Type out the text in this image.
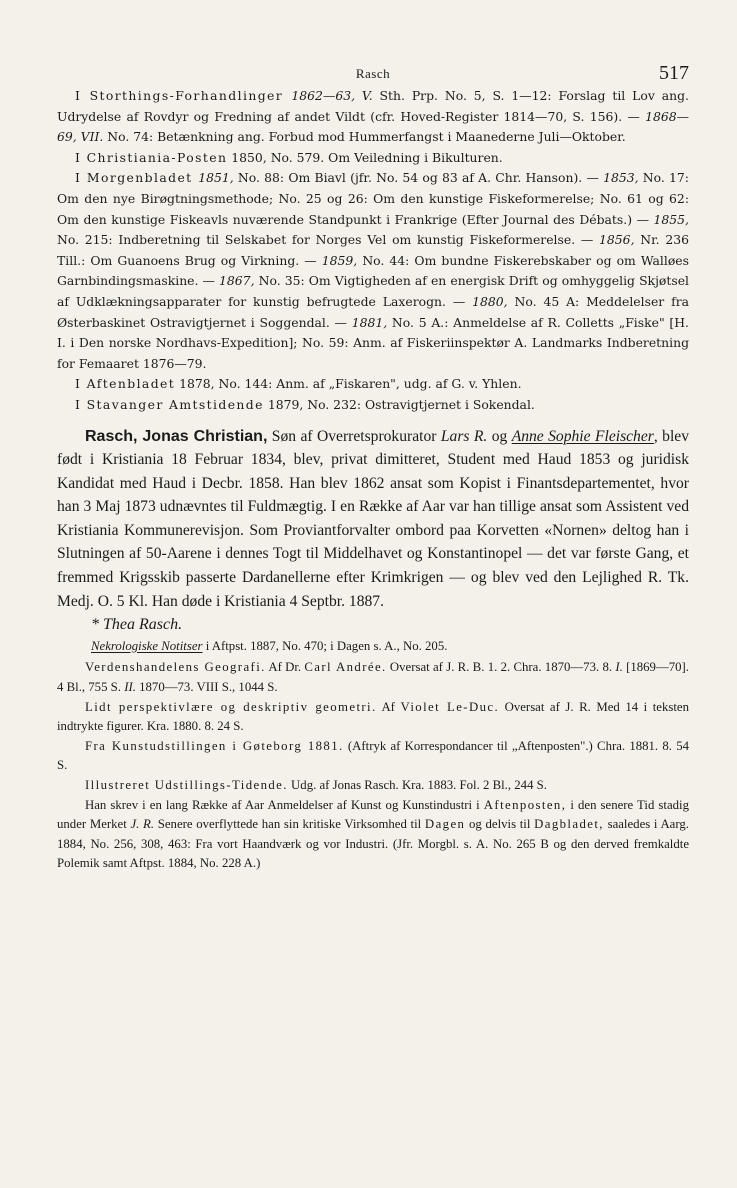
Rasch	517

I Storthings-Forhandlinger 1862—63, V. Sth. Prp. No. 5, S. 1—12: Forslag til Lov ang. Udrydelse af Rovdyr og Fredning af andet Vildt (cfr. Hoved-Register 1814—70, S. 156). — 1868—69, VII. No. 74: Betænkning ang. Forbud mod Hummerfangst i Maanederne Juli—Oktober.

I Christiania-Posten 1850, No. 579. Om Veiledning i Bikulturen.

I Morgenbladet 1851, No. 88: Om Biavl (jfr. No. 54 og 83 af A. Chr. Hanson). — 1853, No. 17: Om den nye Birøgtningsmethode; No. 25 og 26: Om den kunstige Fiskeformerelse; No. 61 og 62: Om den kunstige Fiskeavls nuværende Standpunkt i Frankrige (Efter Journal des Débats.) — 1855, No. 215: Indberetning til Selskabet for Norges Vel om kunstig Fiskeformerelse. — 1856, Nr. 236 Till.: Om Guanoens Brug og Virkning. — 1859, No. 44: Om bundne Fiskerebskaber og om Walløes Garnbindingsmaskine. — 1867, No. 35: Om Vigtigheden af en energisk Drift og omhyggelig Skjøtsel af Udklækningsapparater for kunstig befrugtede Laxerogn. — 1880, No. 45 A: Meddelelser fra Østerbaskinet Ostravigtjernet i Soggendal. — 1881, No. 5 A.: Anmeldelse af R. Colletts „Fiske" [H. I. i Den norske Nordhavs-Expedition]; No. 59: Anm. af Fiskeriinspektør A. Landmarks Indberetning for Femaaret 1876—79.

I Aftenbladet 1878, No. 144: Anm. af „Fiskaren", udg. af G. v. Yhlen.

I Stavanger Amtstidende 1879, No. 232: Ostravigtjernet i Sokendal.

Rasch, Jonas Christian, Søn af Overretsprokurator Lars R. og Anne Sophie Fleischer, blev født i Kristiania 18 Februar 1834, blev, privat dimitteret, Student med Haud 1853 og juridisk Kandidat med Haud i Decbr. 1858. Han blev 1862 ansat som Kopist i Finantsdepartementet, hvor han 3 Maj 1873 udnævntes til Fuldmægtig. I en Række af Aar var han tillige ansat som Assistent ved Kristiania Kommunerevisjon. Som Proviantforvalter ombord paa Korvetten «Nornen» deltog han i Slutningen af 50-Aarene i dennes Togt til Middelhavet og Konstantinopel — det var første Gang, et fremmed Krigsskib passerte Dardanellerne efter Krimkrigen — og blev ved den Lejlighed R. Tk. Medj. O. 5 Kl. Han døde i Kristiania 4 Septbr. 1887.

* Thea Rasch.

Nekrologiske Notitser i Aftpst. 1887, No. 470; i Dagen s. A., No. 205.

Verdenshandelens Geografi. Af Dr. Carl Andrée. Oversat af J. R. B. 1. 2. Chra. 1870—73. 8. I. [1869—70]. 4 Bl., 755 S. II. 1870—73. VIII S., 1044 S.

Lidt perspektivlære og deskriptiv geometri. Af Violet Le-Duc. Oversat af J. R. Med 14 i teksten indtrykte figurer. Kra. 1880. 8. 24 S.

Fra Kunstudstillingen i Gøteborg 1881. (Aftryk af Korrespondancer til „Aftenposten".) Chra. 1881. 8. 54 S.

Illustreret Udstillings-Tidende. Udg. af Jonas Rasch. Kra. 1883. Fol. 2 Bl., 244 S.

Han skrev i en lang Række af Aar Anmeldelser af Kunst og Kunstindustri i Aftenposten, i den senere Tid stadig under Merket J. R. Senere overflyttede han sin kritiske Virksomhed til Dagen og delvis til Dagbladet, saaledes i Aarg. 1884, No. 256, 308, 463: Fra vort Haandværk og vor Industri. (Jfr. Morgbl. s. A. No. 265 B og den derved fremkaldte Polemik samt Aftpst. 1884, No. 228 A.)
